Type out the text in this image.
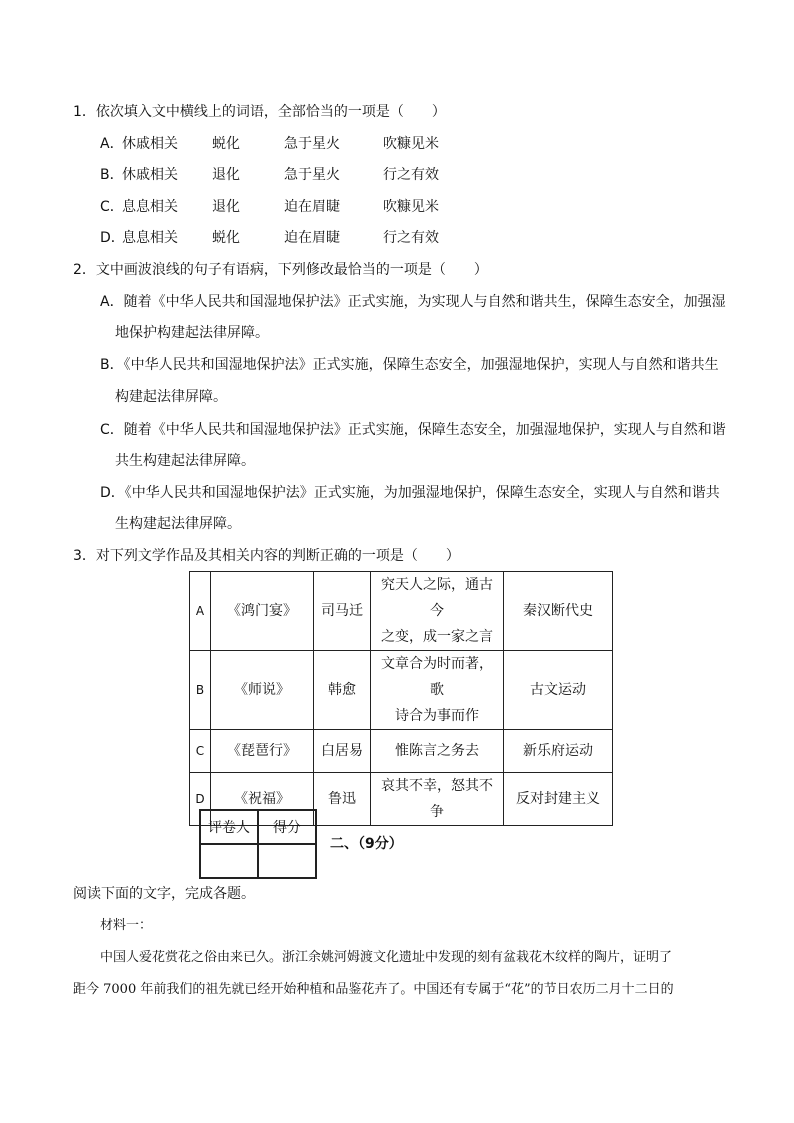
1．依次填入文中横线上的词语，全部恰当的一项是（　　）
A．
休戚相关 蜕化	急于星火	吹糠见米
B．
休戚相关 退化	急于星火	行之有效
C．
息息相关 退化	迫在眉睫	吹糠见米
D．
息息相关 蜕化	迫在眉睫	行之有效
2．文中画波浪线的句子有语病，下列修改最恰当的一项是（　　）
A．随着《中华人民共和国湿地保护法》正式实施，为实现人与自然和谐共生，保障生态安全，加强湿
地保护构建起法律屏障。
B．《中华人民共和国湿地保护法》正式实施，保障生态安全，加强湿地保护，实现人与自然和谐共生
构建起法律屏障。
C．随着《中华人民共和国湿地保护法》正式实施，保障生态安全，加强湿地保护，实现人与自然和谐
共生构建起法律屏障。
D．《中华人民共和国湿地保护法》正式实施，为加强湿地保护，保障生态安全，实现人与自然和谐共
生构建起法律屏障。
3．对下列文学作品及其相关内容的判断正确的一项是（　　）
A	《鸿门宴》	司马迁	究天人之际，通古今
之变，成一家之言	秦汉断代史
B	《师说》	韩愈	文章合为时而著，歌
诗合为事而作	古文运动
C	《琵琶行》	白居易	惟陈言之务去	新乐府运动
D	《祝福》	鲁迅	哀其不幸，怒其不争	反对封建主义
评卷人	得分

二、（9分）
阅读下面的文字，完成各题。
材料一：
中国人爱花赏花之俗由来已久。浙江余姚河姆渡文化遗址中发现的刻有盆栽花木纹样的陶片，证明了
距今 7000 年前我们的祖先就已经开始种植和品鉴花卉了。中国还有专属于“花”的节日农历二月十二日的
